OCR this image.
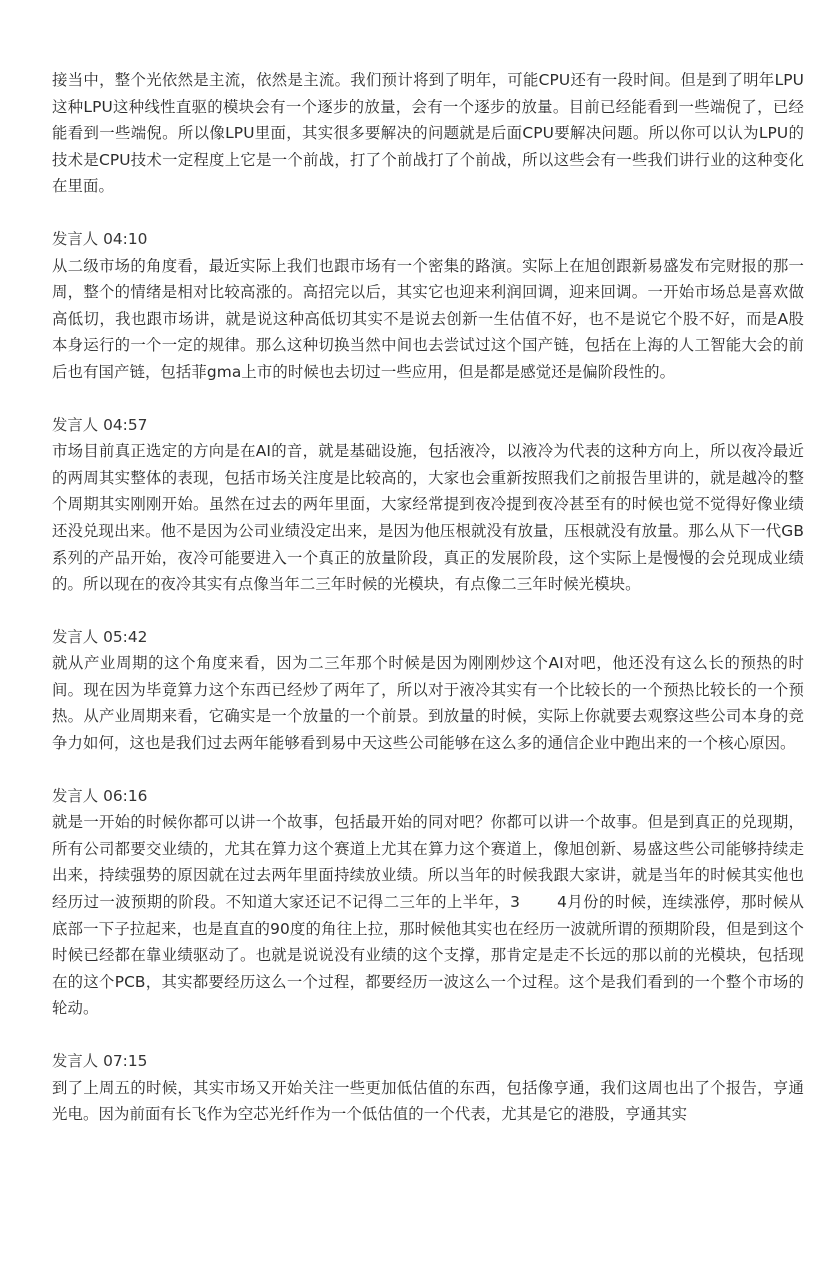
接当中，整个光依然是主流，依然是主流。我们预计将到了明年，可能CPU还有一段时间。但是到了明年LPU这种LPU这种线性直驱的模块会有一个逐步的放量，会有一个逐步的放量。目前已经能看到一些端倪了，已经能看到一些端倪。所以像LPU里面，其实很多要解决的问题就是后面CPU要解决问题。所以你可以认为LPU的技术是CPU技术一定程度上它是一个前战，打了个前战打了个前战，所以这些会有一些我们讲行业的这种变化在里面。

发言人 04:10

从二级市场的角度看，最近实际上我们也跟市场有一个密集的路演。实际上在旭创跟新易盛发布完财报的那一周，整个的情绪是相对比较高涨的。高招完以后，其实它也迎来利润回调，迎来回调。一开始市场总是喜欢做高低切，我也跟市场讲，就是说这种高低切其实不是说去创新一生估值不好，也不是说它个股不好，而是A股本身运行的一个一定的规律。那么这种切换当然中间也去尝试过这个国产链，包括在上海的人工智能大会的前后也有国产链，包括菲gma上市的时候也去切过一些应用，但是都是感觉还是偏阶段性的。

发言人 04:57

市场目前真正选定的方向是在AI的音，就是基础设施，包括液冷，以液冷为代表的这种方向上，所以夜冷最近的两周其实整体的表现，包括市场关注度是比较高的，大家也会重新按照我们之前报告里讲的，就是越冷的整个周期其实刚刚开始。虽然在过去的两年里面，大家经常提到夜冷提到夜冷甚至有的时候也觉不觉得好像业绩还没兑现出来。他不是因为公司业绩没定出来，是因为他压根就没有放量，压根就没有放量。那么从下一代GB系列的产品开始，夜冷可能要进入一个真正的放量阶段，真正的发展阶段，这个实际上是慢慢的会兑现成业绩的。所以现在的夜冷其实有点像当年二三年时候的光模块，有点像二三年时候光模块。

发言人 05:42

就从产业周期的这个角度来看，因为二三年那个时候是因为刚刚炒这个AI对吧，他还没有这么长的预热的时间。现在因为毕竟算力这个东西已经炒了两年了，所以对于液冷其实有一个比较长的一个预热比较长的一个预热。从产业周期来看，它确实是一个放量的一个前景。到放量的时候，实际上你就要去观察这些公司本身的竞争力如何，这也是我们过去两年能够看到易中天这些公司能够在这么多的通信企业中跑出来的一个核心原因。

发言人 06:16

就是一开始的时候你都可以讲一个故事，包括最开始的同对吧？你都可以讲一个故事。但是到真正的兑现期，所有公司都要交业绩的，尤其在算力这个赛道上尤其在算力这个赛道上，像旭创新、易盛这些公司能够持续走出来，持续强势的原因就在过去两年里面持续放业绩。所以当年的时候我跟大家讲，就是当年的时候其实他也经历过一波预期的阶段。不知道大家还记不记得二三年的上半年，3　　 4月份的时候，连续涨停，那时候从底部一下子拉起来，也是直直的90度的角往上拉，那时候他其实也在经历一波就所谓的预期阶段，但是到这个时候已经都在靠业绩驱动了。也就是说说没有业绩的这个支撑，那肯定是走不长远的那以前的光模块，包括现在的这个PCB，其实都要经历这么一个过程，都要经历一波这么一个过程。这个是我们看到的一个整个市场的轮动。

发言人 07:15

到了上周五的时候，其实市场又开始关注一些更加低估值的东西，包括像亨通，我们这周也出了个报告，亨通光电。因为前面有长飞作为空芯光纤作为一个低估值的一个代表，尤其是它的港股，亨通其实
